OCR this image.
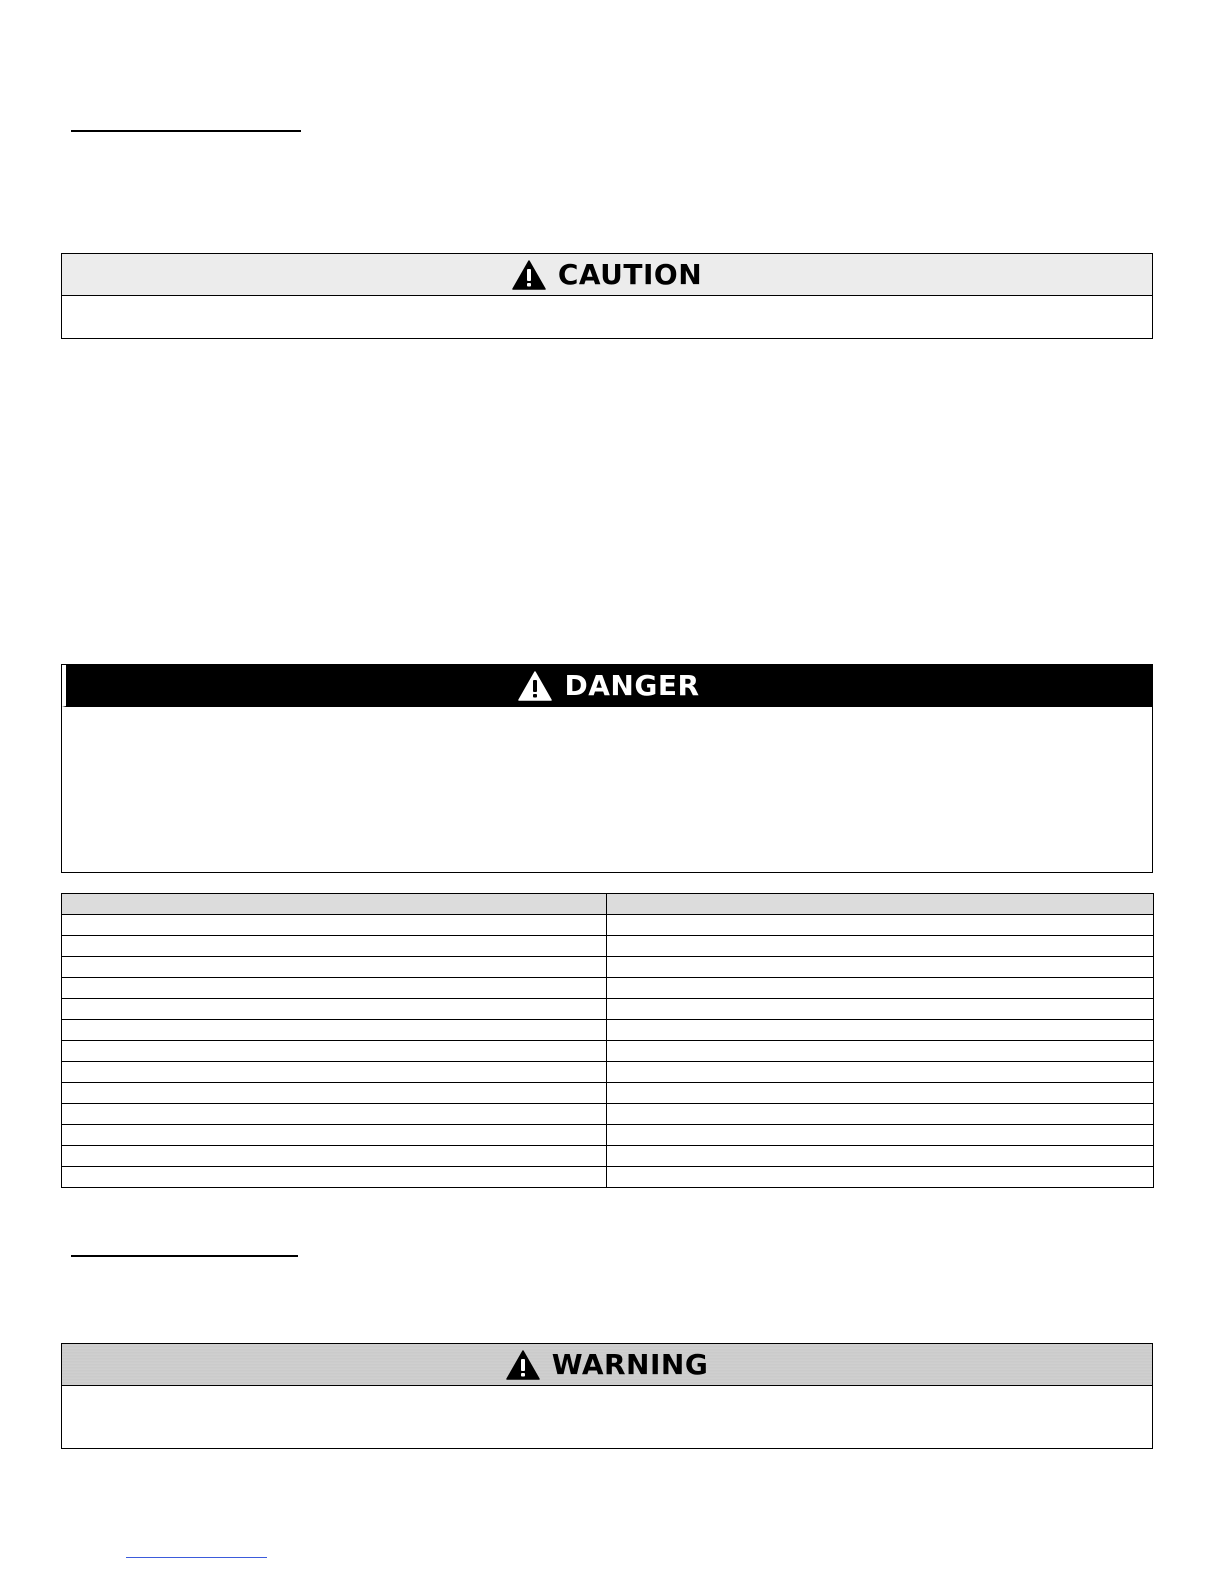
CAUTION
DANGER

WARNING
